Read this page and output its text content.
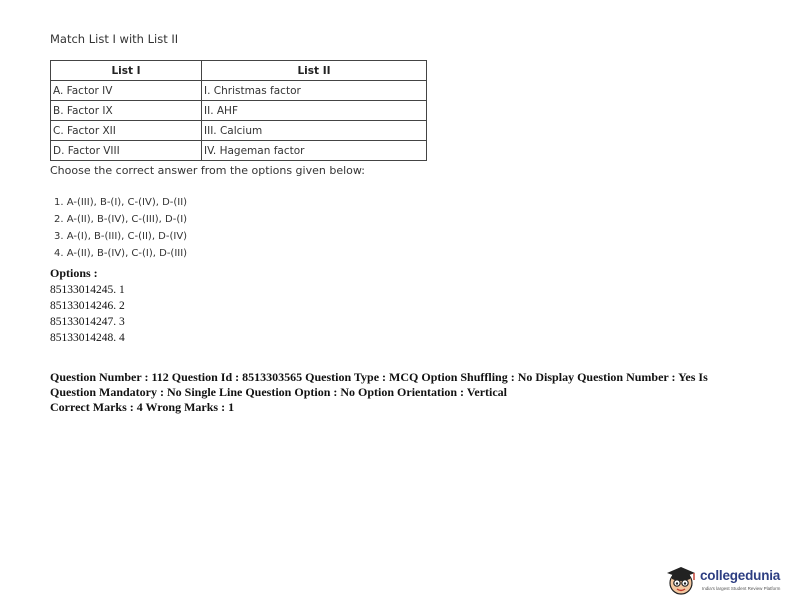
Match List I with List II
List I	List II
A. Factor IV	I. Christmas factor
B. Factor IX	II. AHF
C. Factor XII	III. Calcium
D. Factor VIII	IV. Hageman factor
Choose the correct answer from the options given below:
1. A-(III), B-(I), C-(IV), D-(II)
2. A-(II), B-(IV), C-(III), D-(I)
3. A-(I), B-(III), C-(II), D-(IV)
4. A-(II), B-(IV), C-(I), D-(III)
Options :
85133014245. 1
85133014246. 2
85133014247. 3
85133014248. 4
Question Number : 112 Question Id : 8513303565 Question Type : MCQ Option Shuffling : No Display Question Number : Yes Is
Question Mandatory : No Single Line Question Option : No Option Orientation : Vertical
Correct Marks : 4 Wrong Marks : 1
collegedunia
India's largest Student Review Platform
